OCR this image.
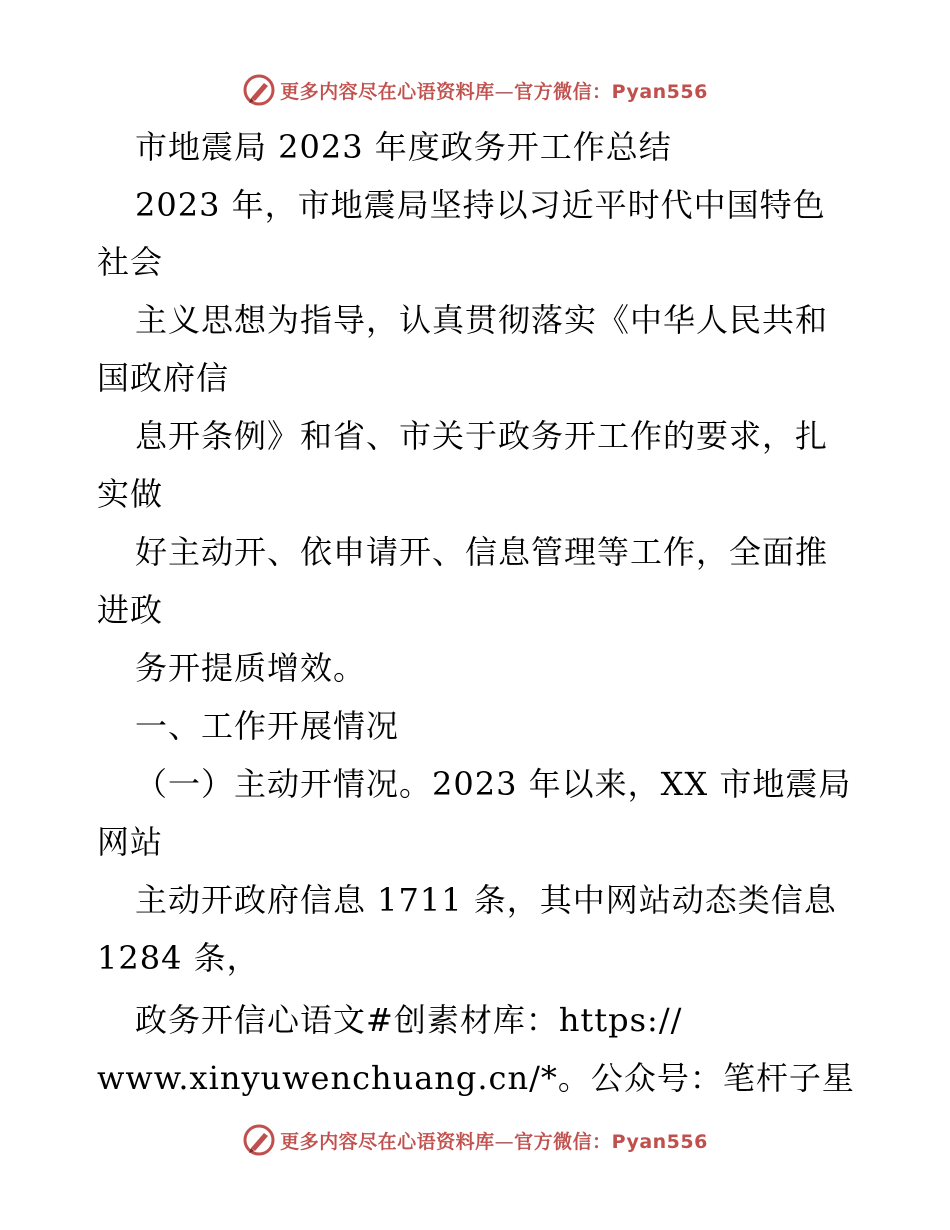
更多内容尽在心语资料库—官方微信：Pyan556
市地震局 2023 年度政务开工作总结
2023 年，市地震局坚持以习近平时代中国特色
社会
主义思想为指导，认真贯彻落实《中华人民共和
国政府信
息开条例》和省、市关于政务开工作的要求，扎
实做
好主动开、依申请开、信息管理等工作，全面推
进政
务开提质增效。
一、工作开展情况
（一）主动开情况。2023 年以来，XX 市地震局
网站
主动开政府信息 1711 条，其中网站动态类信息
1284 条，
政务开信心语文#创素材库：https://
www.xinyuwenchuang.cn/*。公众号：笔杆子星
更多内容尽在心语资料库—官方微信：Pyan556
